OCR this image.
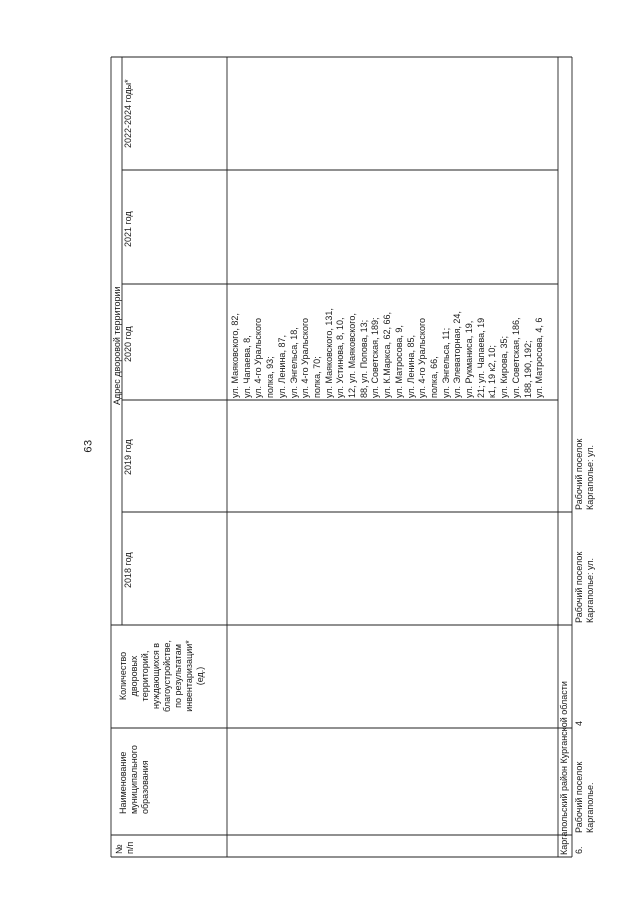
63
№ п/п
Наименование муниципального образования
Количество дворовых территорий, нуждающихся в благоустройстве, по результатам инвентаризации* (ед.)
Адрес дворовой территории
2018 год
2019 год
2020 год
2021 год
2022-2024 годы*
Каргапольский район Курганской области 6.
Рабочий поселок Каргаполье.
4
Рабочий поселок Каргаполье: ул.
Рабочий поселок Каргаполье: ул.
ул. Маяковского, 82, ул. Чапаева, 8, ул. 4-го Уральского полка, 93; ул. Ленина, 87, ул. Энгельса, 18, ул. 4-го Уральского полка, 70; ул. Маяковского, 131, ул. Устинова, 8, 10, 12, ул. Маяковского, 88, ул. Попова, 13; ул. Советская, 189; ул. К.Маркса, 62, 66, ул. Матросова, 9, ул. Ленина, 85, ул. 4-го Уральского полка, 66, ул. Энгельса, 11; ул. Элеваторная, 24, ул. Рукманиса, 19, 21; ул. Чапаева, 19 к1, 19 к2, 10; ул. Кирова, 35; ул. Советская, 186, 188, 190, 192; ул. Матросова, 4, 6
